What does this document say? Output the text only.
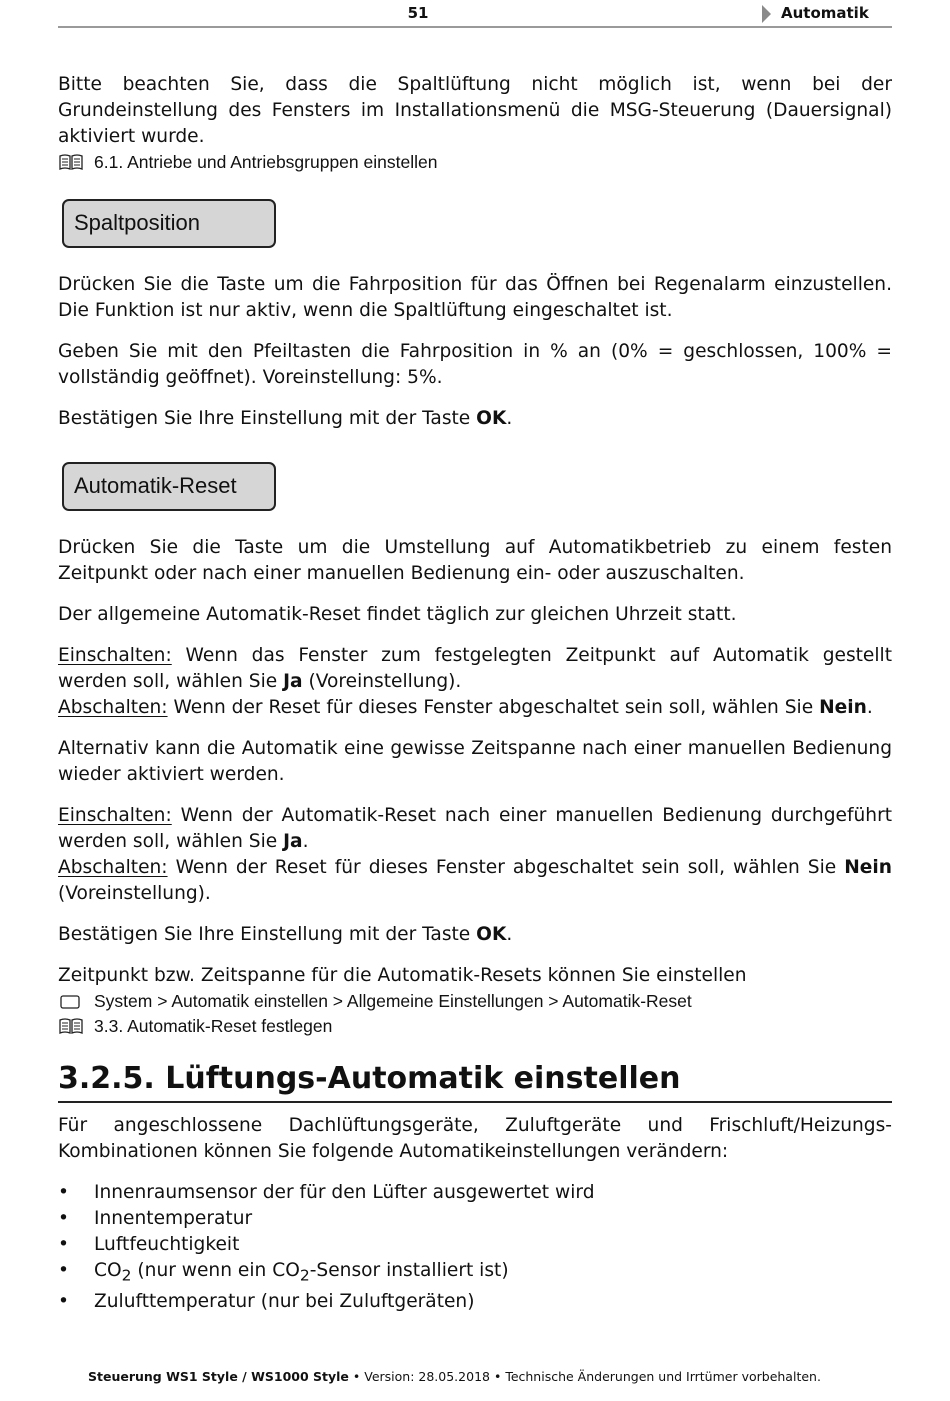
51	Automatik

Bitte beachten Sie, dass die Spaltlüftung nicht möglich ist, wenn bei der Grundeinstellung des Fensters im Installationsmenü die MSG-Steuerung (Dauersignal) aktiviert wurde.

6.1. Antriebe und Antriebsgruppen einstellen
Spaltposition

Drücken Sie die Taste um die Fahrposition für das Öffnen bei Regenalarm einzustellen. Die Funktion ist nur aktiv, wenn die Spaltlüftung eingeschaltet ist.

Geben Sie mit den Pfeiltasten die Fahrposition in % an (0% = geschlossen, 100% = vollständig geöffnet). Voreinstellung: 5%.

Bestätigen Sie Ihre Einstellung mit der Taste OK.

Automatik-Reset

Drücken Sie die Taste um die Umstellung auf Automatikbetrieb zu einem festen Zeitpunkt oder nach einer manuellen Bedienung ein- oder auszuschalten.

Der allgemeine Automatik-Reset findet täglich zur gleichen Uhrzeit statt.

Einschalten: Wenn das Fenster zum festgelegten Zeitpunkt auf Automatik gestellt werden soll, wählen Sie Ja (Voreinstellung).

Abschalten: Wenn der Reset für dieses Fenster abgeschaltet sein soll, wählen Sie Nein.

Alternativ kann die Automatik eine gewisse Zeitspanne nach einer manuellen Bedienung wieder aktiviert werden.

Einschalten: Wenn der Automatik-Reset nach einer manuellen Bedienung durchgeführt werden soll, wählen Sie Ja.

Abschalten: Wenn der Reset für dieses Fenster abgeschaltet sein soll, wählen Sie Nein (Voreinstellung).

Bestätigen Sie Ihre Einstellung mit der Taste OK.

Zeitpunkt bzw. Zeitspanne für die Automatik-Resets können Sie einstellen

System > Automatik einstellen > Allgemeine Einstellungen > Automatik-Reset
3.3. Automatik-Reset festlegen
3.2.5. Lüftungs-Automatik einstellen

Für angeschlossene Dachlüftungsgeräte, Zuluftgeräte und Frischluft/Heizungs-Kombinationen können Sie folgende Automatikeinstellungen verändern:

• Innenraumsensor der für den Lüfter ausgewertet wird
• Innentemperatur
• Luftfeuchtigkeit
• $CO_2$ (nur wenn ein $CO_2$-Sensor installiert ist)
• Zulufttemperatur (nur bei Zuluftgeräten)
Steuerung WS1 Style / WS1000 Style • Version: 28.05.2018 • Technische Änderungen und Irrtümer vorbehalten.
